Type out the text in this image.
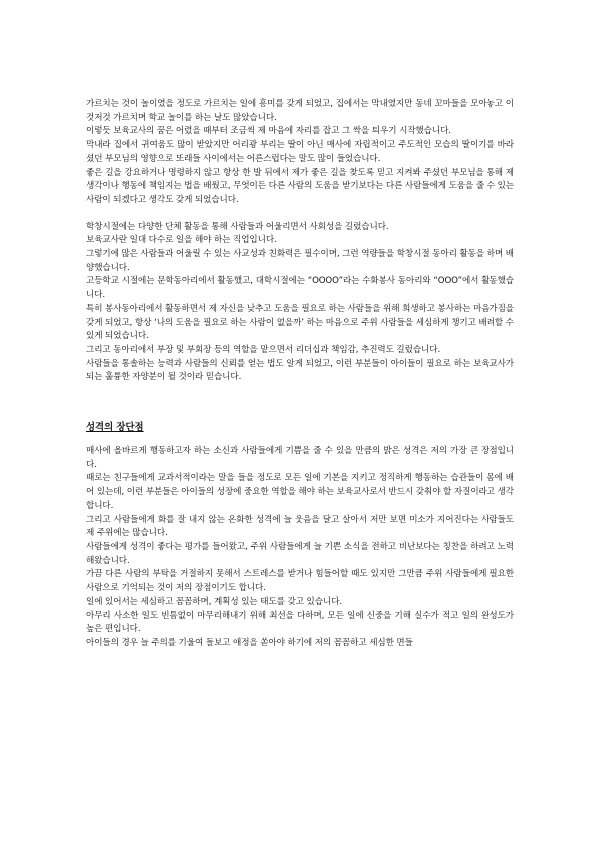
가르치는 것이 놀이였을 정도로 가르치는 일에 흥미를 갖게 되었고, 집에서는 막내였지만 동네 꼬마들을 모아놓고 이것저것 가르치며 학교 놀이를 하는 날도 많았습니다.

이렇듯 보육교사의 꿈은 어렸을 때부터 조금씩 제 마음에 자리를 잡고 그 싹을 틔우기 시작했습니다.

막내라 집에서 귀여움도 많이 받았지만 어리광 부리는 딸이 아닌 매사에 자립적이고 주도적인 모습의 딸이기를 바라셨던 부모님의 영향으로 또래들 사이에서는 어른스럽다는 말도 많이 들었습니다.

좋은 길을 강요하거나 명령하지 않고 항상 한 발 뒤에서 제가 좋은 길을 찾도록 믿고 지켜봐 주셨던 부모님을 통해 제 생각이나 행동에 책임지는 법을 배웠고, 무엇이든 다른 사람의 도움을 받기보다는 다른 사람들에게 도움을 줄 수 있는 사람이 되겠다고 생각도 갖게 되었습니다.

학창시절에는 다양한 단체 활동을 통해 사람들과 어울리면서 사회성을 길렀습니다.

보육교사란 일대 다수로 일을 해야 하는 직업입니다.

그렇기에 많은 사람들과 어울릴 수 있는 사교성과 친화력은 필수이며, 그런 역량들을 학창시절 동아리 활동을 하며 배양했습니다.

고등학교 시절에는 문학동아리에서 활동했고, 대학시절에는 “OOOO”라는 수화봉사 동아리와 “OOO”에서 활동했습니다.

특히 봉사동아리에서 활동하면서 제 자신을 낮추고 도움을 필요로 하는 사람들을 위해 희생하고 봉사하는 마음가짐을 갖게 되었고, 항상 ‘나의 도움을 필요로 하는 사람이 없을까’ 하는 마음으로 주위 사람들을 세심하게 챙기고 배려할 수 있게 되었습니다.

그리고 동아리에서 부장 및 부회장 등의 역할을 맡으면서 리더십과 책임감, 추진력도 길렀습니다.

사람들을 통솔하는 능력과 사람들의 신뢰를 얻는 법도 알게 되었고, 이런 부분들이 아이들이 필요로 하는 보육교사가 되는 훌륭한 자양분이 될 것이라 믿습니다.

성격의 장단점

매사에 올바르게 행동하고자 하는 소신과 사람들에게 기쁨을 줄 수 있을 만큼의 밝은 성격은 저의 가장 큰 장점입니다.

때로는 친구들에게 교과서적이라는 말을 들을 정도로 모든 일에 기본을 지키고 정직하게 행동하는 습관들이 몸에 배어 있는데, 이런 부분들은 아이들의 성장에 중요한 역할을 해야 하는 보육교사로서 반드시 갖춰야 할 자질이라고 생각합니다.

그리고 사람들에게 화를 잘 내지 않는 온화한 성격에 늘 웃음을 달고 살아서 저만 보면 미소가 지어진다는 사람들도 제 주위에는 많습니다.

사람들에게 성격이 좋다는 평가를 들어왔고, 주위 사람들에게 늘 기쁜 소식을 전하고 비난보다는 칭찬을 하려고 노력해왔습니다.

가끔 다른 사람의 부탁을 거절하지 못해서 스트레스를 받거나 힘들어할 때도 있지만 그만큼 주위 사람들에게 필요한 사람으로 기억되는 것이 저의 장점이기도 합니다.

일에 있어서는 세심하고 꼼꼼하며, 계획성 있는 태도를 갖고 있습니다.

아무리 사소한 일도 빈틈없이 마무리해내기 위해 최선을 다하며, 모든 일에 신중을 기해 실수가 적고 일의 완성도가 높은 편입니다.

아이들의 경우 늘 주의를 기울여 돌보고 애정을 쏟아야 하기에 저의 꼼꼼하고 세심한 면들
